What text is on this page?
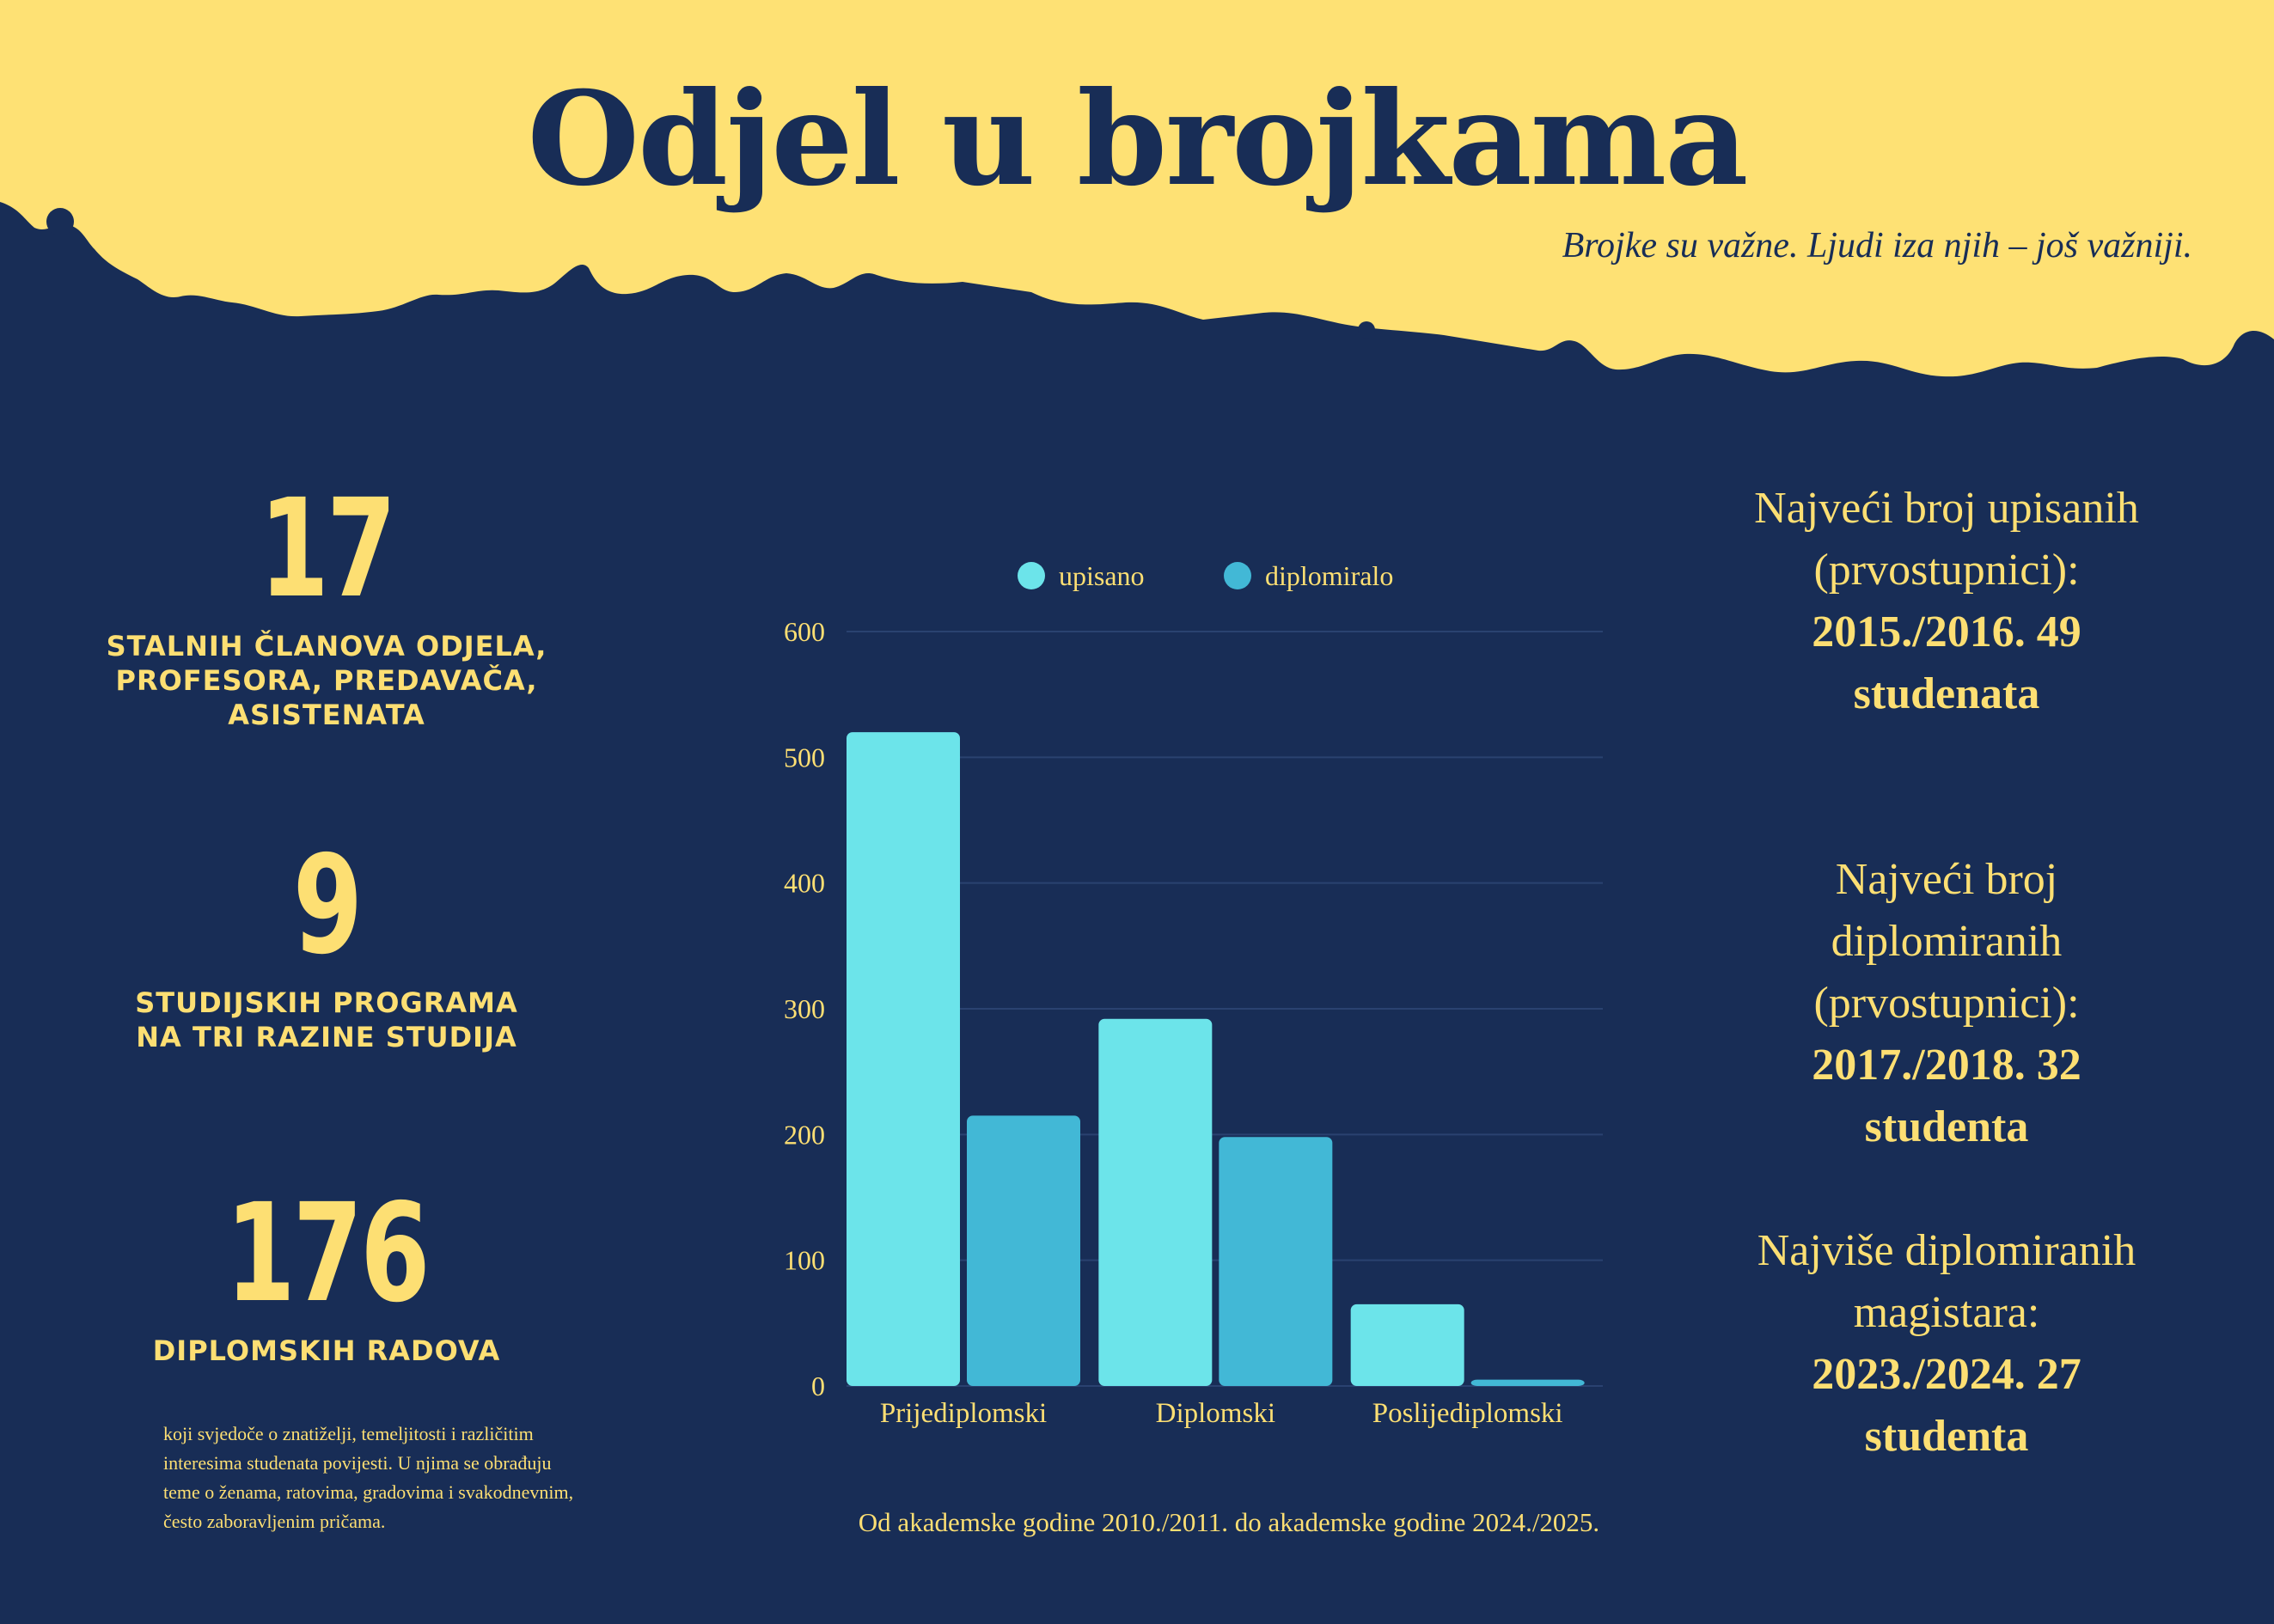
Odjel u brojkama

Brojke su važne. Ljudi iza njih – još važniji.

17
STALNIH ČLANOVA ODJELA, PROFESORA, PREDAVAČA, ASISTENATA
9
STUDIJSKIH PROGRAMA NA TRI RAZINE STUDIJA
176
DIPLOMSKIH RADOVA

koji svjedoče o znatiželji, temeljitosti i različitim interesima studenata povijesti. U njima se obrađuju teme o ženama, ratovima, gradovima i svakodnevnim, često zaboravljenim pričama.

upisano	diplomiralo
0
100
200
300
400
500
600
Prijediplomski	Diplomski	Poslijediplomski

Od akademske godine 2010./2011. do akademske godine 2024./2025.

Najveći broj upisanih (prvostupnici):
2015./2016. 49 studenata
Najveći broj diplomiranih (prvostupnici):
2017./2018. 32 studenta
Najviše diplomiranih magistara:
2023./2024. 27 studenta
